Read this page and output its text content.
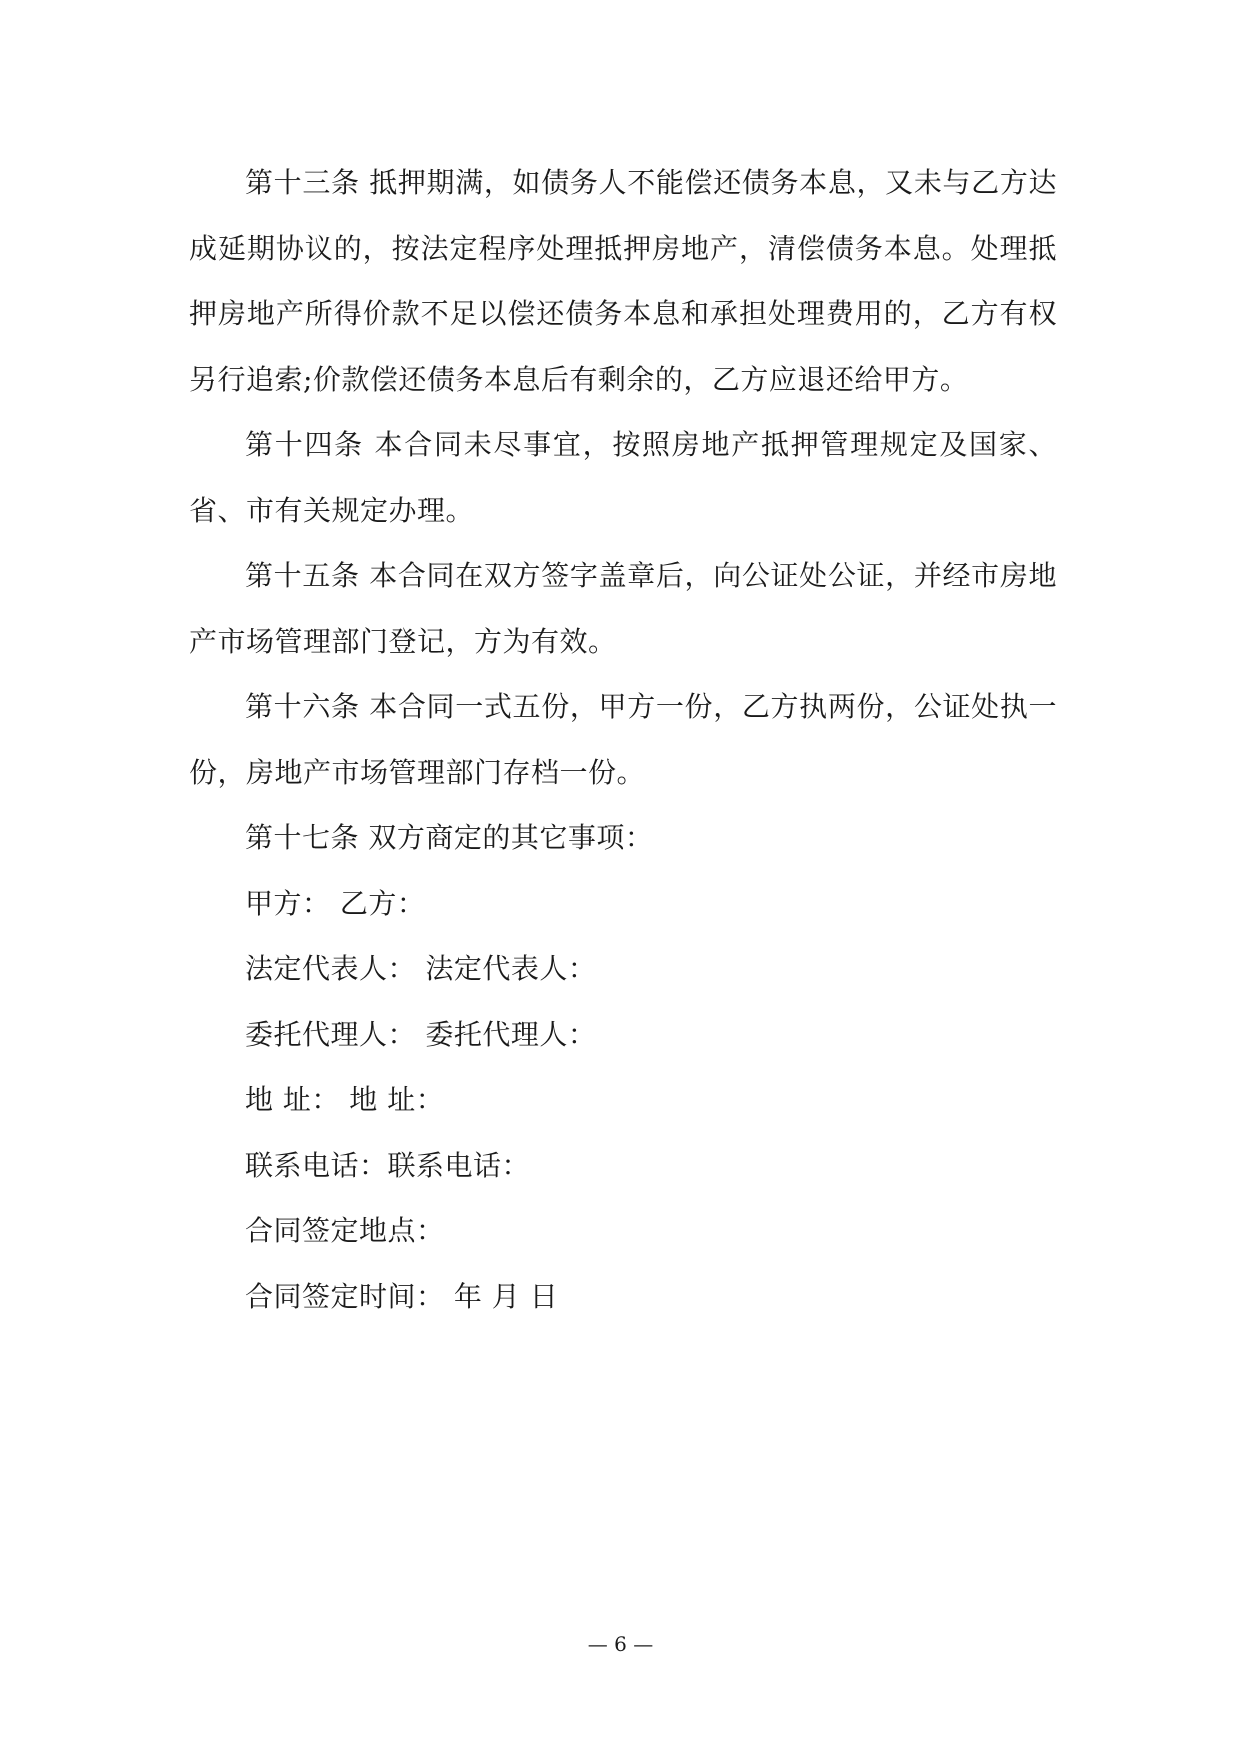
第十三条 抵押期满，如债务人不能偿还债务本息，又未与乙方达成延期协议的，按法定程序处理抵押房地产，清偿债务本息。处理抵押房地产所得价款不足以偿还债务本息和承担处理费用的，乙方有权另行追索;价款偿还债务本息后有剩余的，乙方应退还给甲方。

第十四条 本合同未尽事宜，按照房地产抵押管理规定及国家、省、市有关规定办理。

第十五条 本合同在双方签字盖章后，向公证处公证，并经市房地产市场管理部门登记，方为有效。

第十六条 本合同一式五份，甲方一份，乙方执两份，公证处执一份，房地产市场管理部门存档一份。

第十七条 双方商定的其它事项：

甲方： 乙方：

法定代表人： 法定代表人：

委托代理人： 委托代理人：

地 址： 地 址：

联系电话：联系电话：

合同签定地点：

合同签定时间： 年 月 日

— 6 —
